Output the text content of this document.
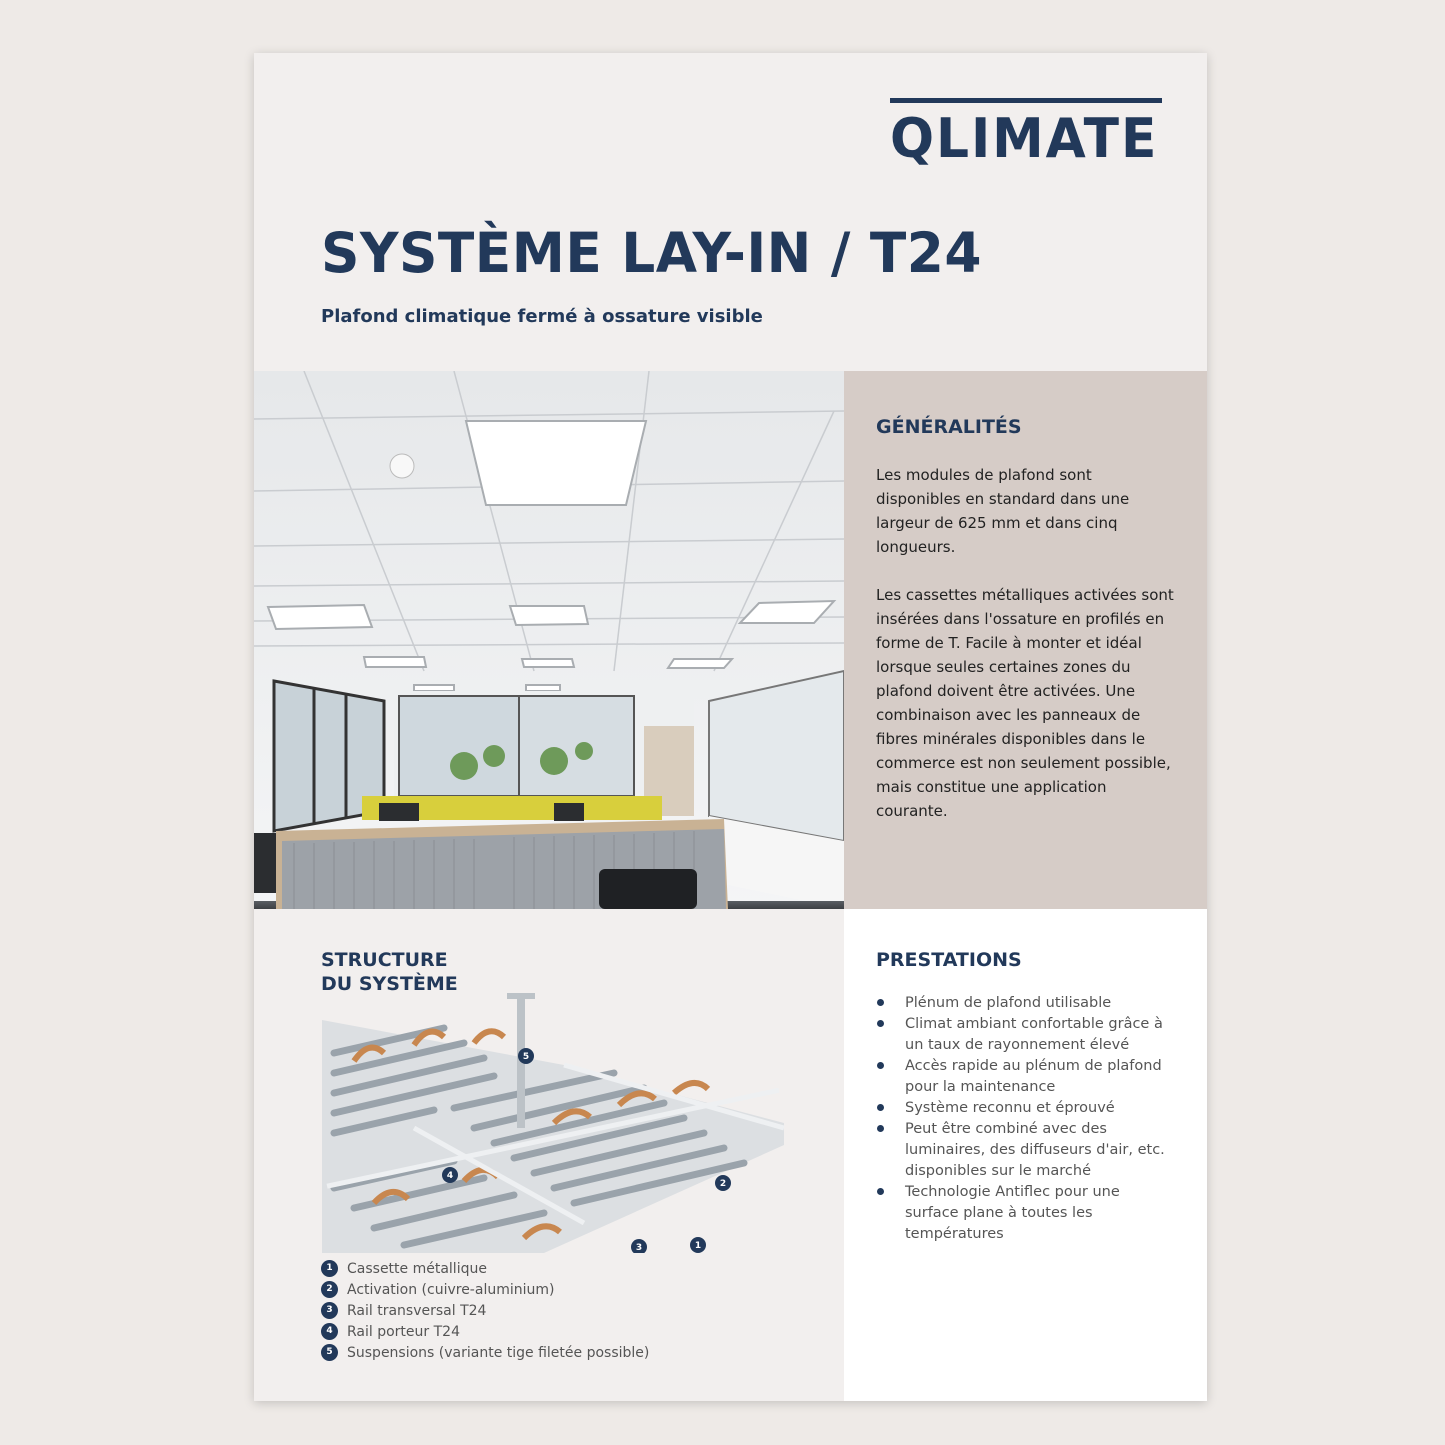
QLIMATE
SYSTÈME LAY-IN / T24

Plafond climatique fermé à ossature visible

GÉNÉRALITÉS

Les modules de plafond sont disponibles en standard dans une largeur de 625 mm et dans cinq longueurs.

Les cassettes métalliques activées sont insérées dans l'ossature en profilés en forme de T. Facile à monter et idéal lorsque seules certaines zones du plafond doivent être activées. Une combinaison avec les panneaux de fibres minérales disponibles dans le commerce est non seulement possible, mais constitue une application courante.

5
4
2
1
3
STRUCTURE
DU SYSTÈME
1	Cassette métallique
2	Activation (cuivre-aluminium)
3	Rail transversal T24
4	Rail porteur T24
5	Suspensions (variante tige filetée possible)
PRESTATIONS
Plénum de plafond utilisable
Climat ambiant confortable grâce à un taux de rayonnement élevé
Accès rapide au plénum de plafond pour la maintenance
Système reconnu et éprouvé
Peut être combiné avec des luminaires, des diffuseurs d'air, etc. disponibles sur le marché
Technologie Antiflec pour une surface plane à toutes les températures
